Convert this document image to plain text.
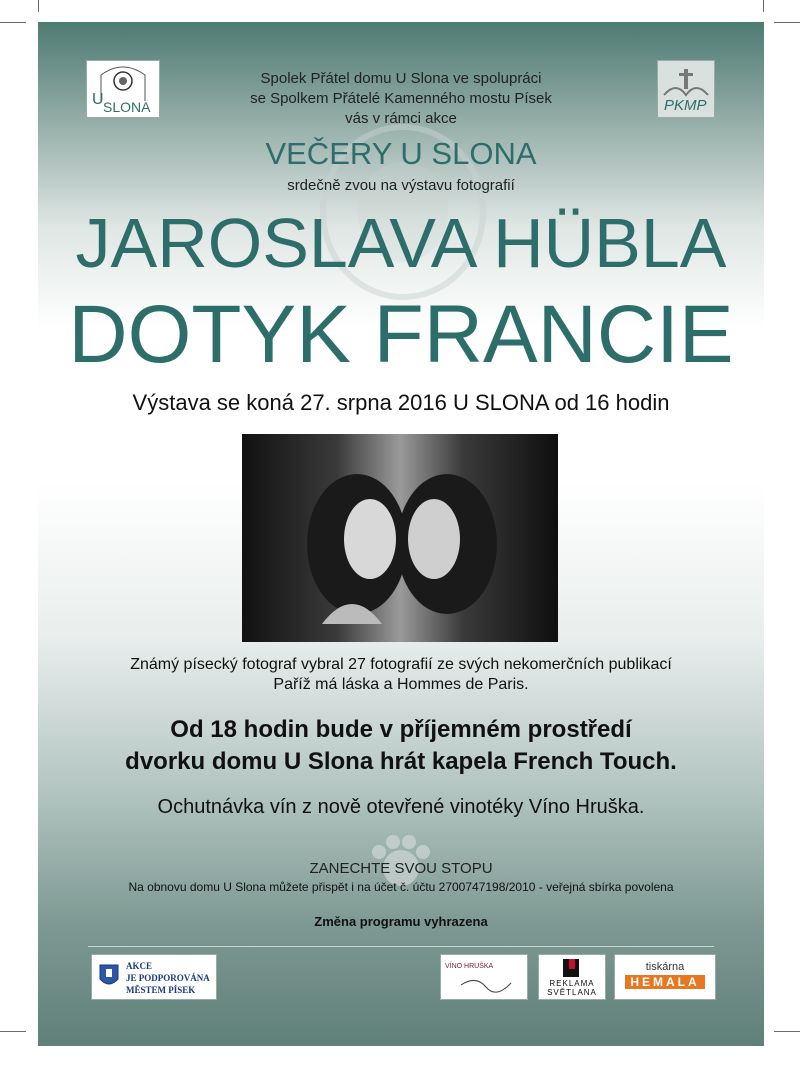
U SLONA	PKMP
Spolek Přátel domu U Slona ve spolupráci
se Spolkem Přátelé Kamenného mostu Písek
vás v rámci akce
VEČERY U SLONA
srdečně zvou na výstavu fotografií
JAROSLAVA HÜBLA
DOTYK FRANCIE
Výstava se koná 27. srpna 2016 U SLONA od 16 hodin
Známý písecký fotograf vybral 27 fotografií ze svých nekomerčních publikací
Paříž má láska a Hommes de Paris.
Od 18 hodin bude v příjemném prostředí
dvorku domu U Slona hrát kapela French Touch.
Ochutnávka vín z nově otevřené vinotéky Víno Hruška.
ZANECHTE SVOU STOPU
Na obnovu domu U Slona můžete přispět i na účet č. účtu 2700747198/2010 - veřejná sbírka povolena
Změna programu vyhrazena
AKCE
JE PODPOROVÁNA
MĚSTEM PÍSEK
VÍNO HRUŠKA
REKLAMA
SVĚTLANA
tiskárna
HEMALA
